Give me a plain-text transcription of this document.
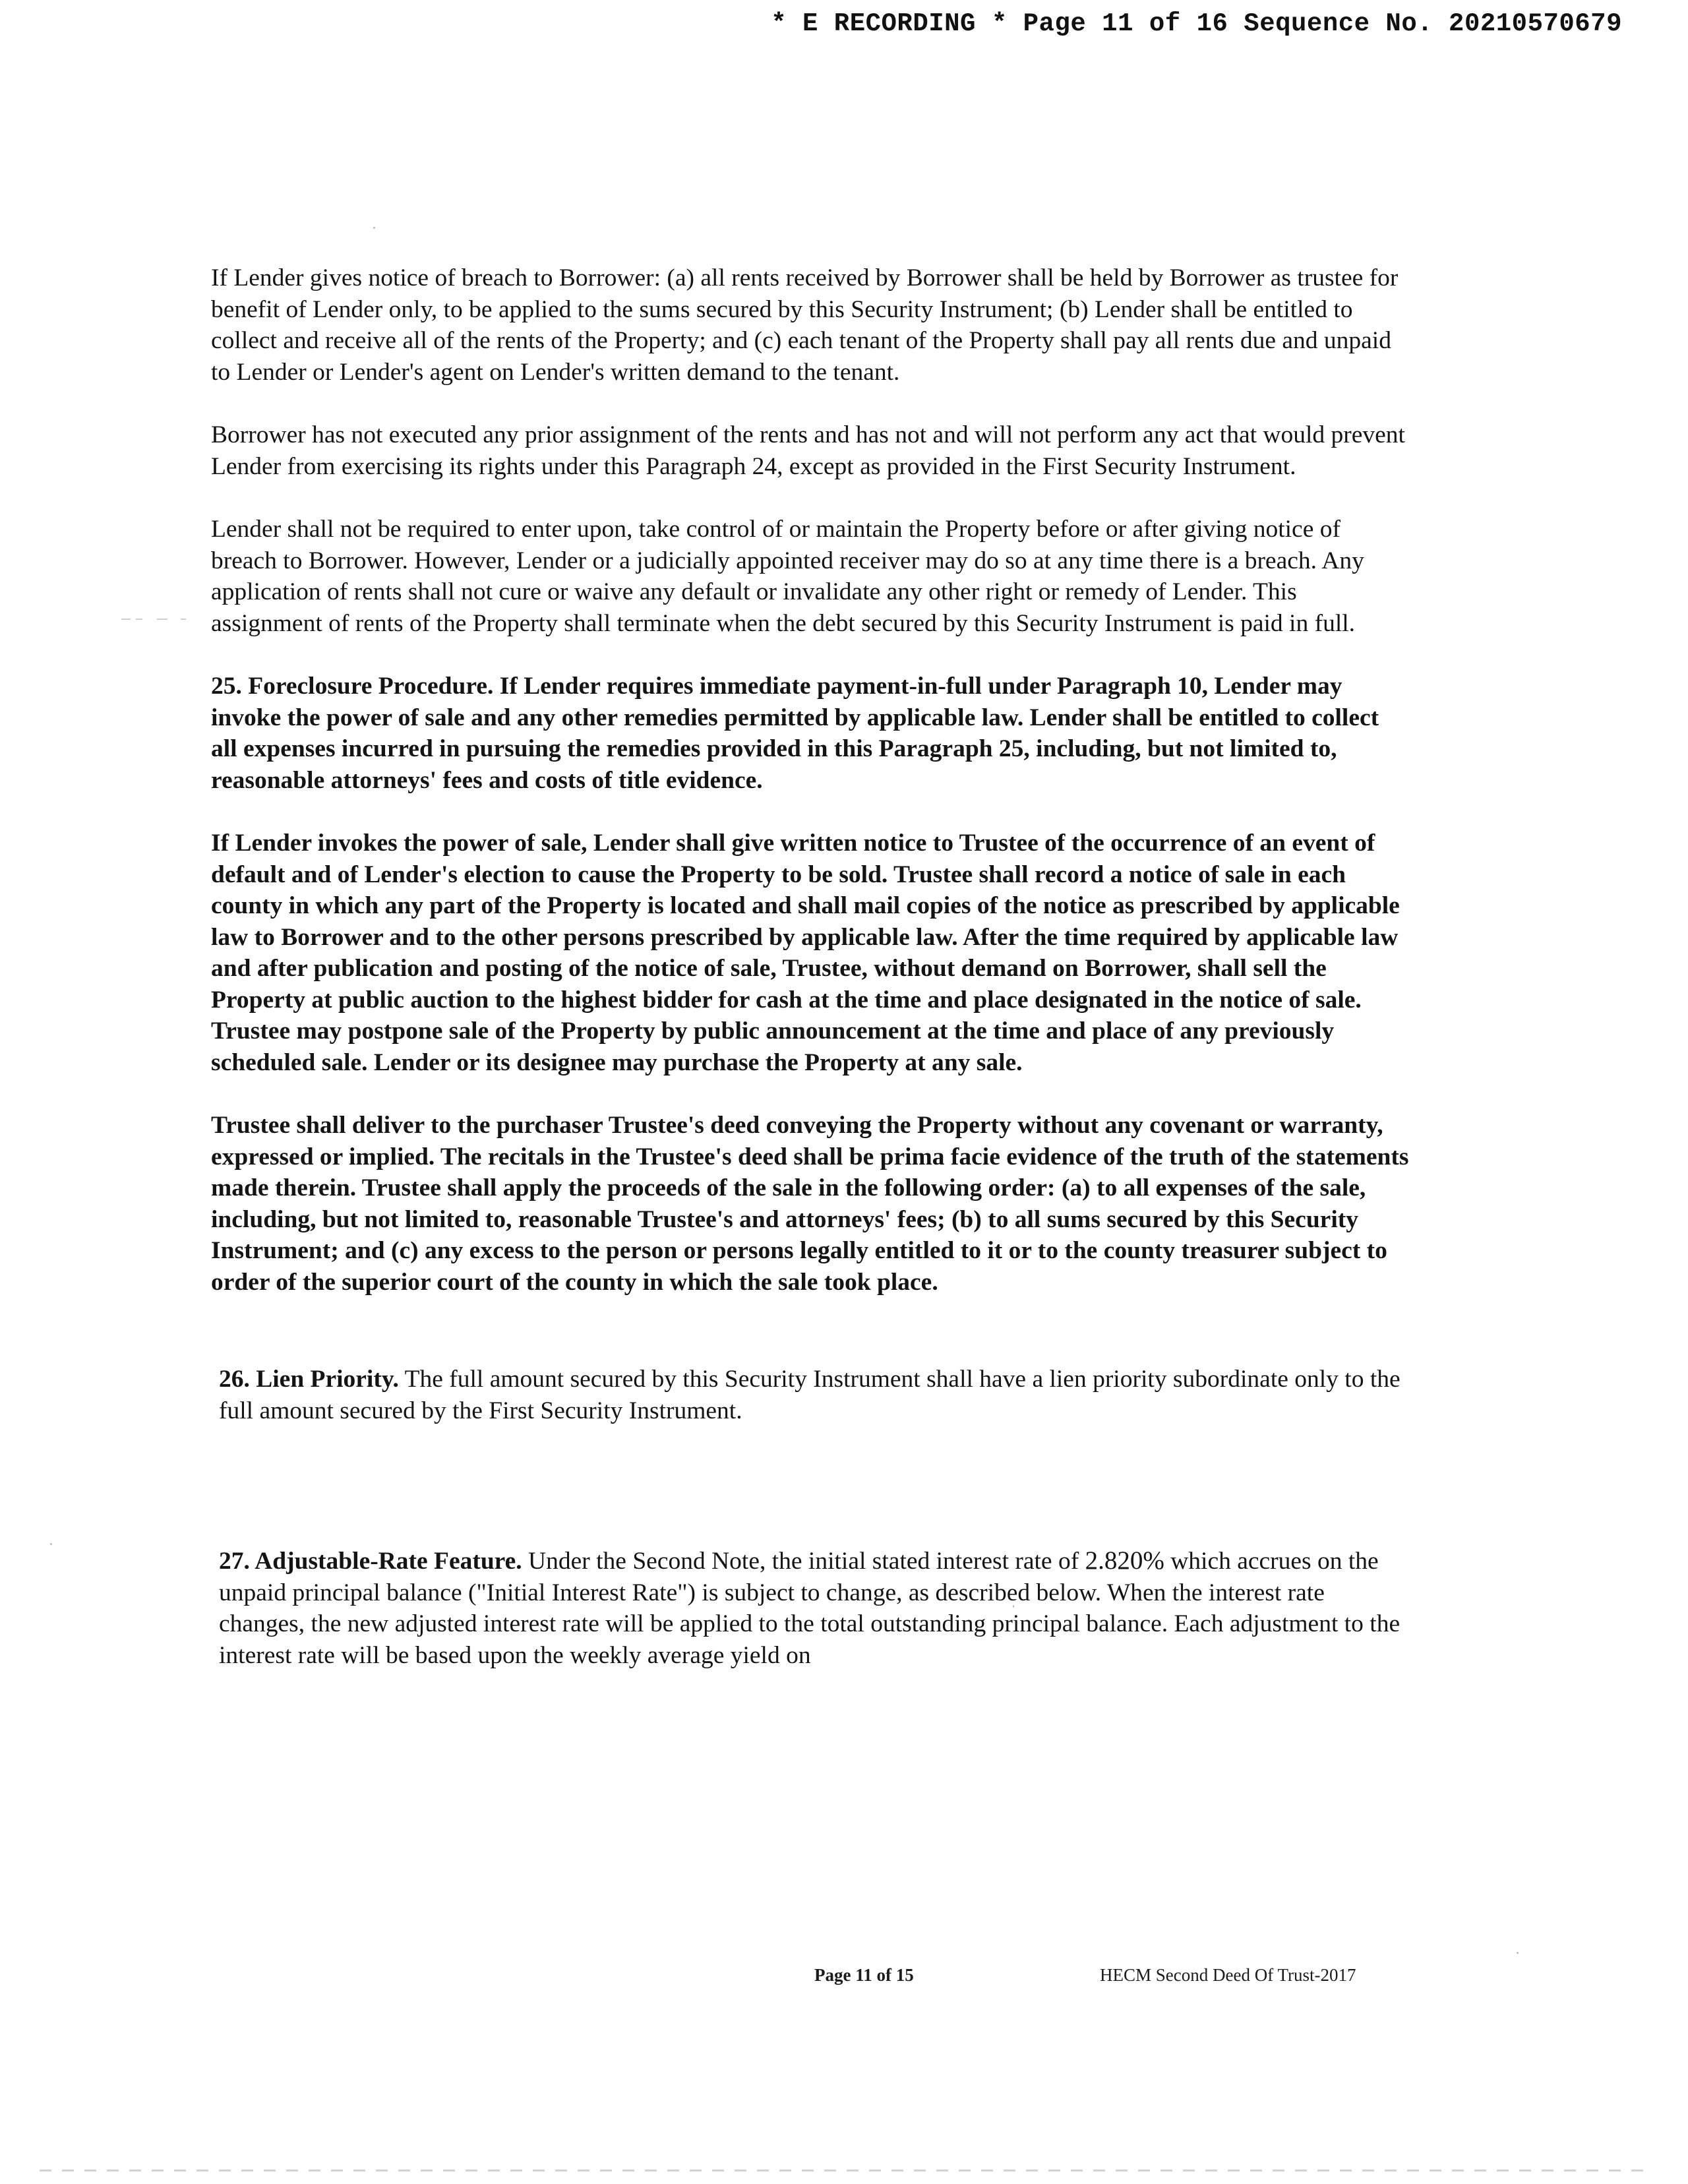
* E RECORDING * Page 11 of 16 Sequence No. 20210570679

If Lender gives notice of breach to Borrower: (a) all rents received by Borrower shall be held by Borrower as trustee for benefit of Lender only, to be applied to the sums secured by this Security Instrument; (b) Lender shall be entitled to collect and receive all of the rents of the Property; and (c) each tenant of the Property shall pay all rents due and unpaid to Lender or Lender's agent on Lender's written demand to the tenant.

Borrower has not executed any prior assignment of the rents and has not and will not perform any act that would prevent Lender from exercising its rights under this Paragraph 24, except as provided in the First Security Instrument.

Lender shall not be required to enter upon, take control of or maintain the Property before or after giving notice of breach to Borrower. However, Lender or a judicially appointed receiver may do so at any time there is a breach. Any application of rents shall not cure or waive any default or invalidate any other right or remedy of Lender. This assignment of rents of the Property shall terminate when the debt secured by this Security Instrument is paid in full.

25. Foreclosure Procedure. If Lender requires immediate payment-in-full under Paragraph 10, Lender may invoke the power of sale and any other remedies permitted by applicable law. Lender shall be entitled to collect all expenses incurred in pursuing the remedies provided in this Paragraph 25, including, but not limited to, reasonable attorneys' fees and costs of title evidence.

If Lender invokes the power of sale, Lender shall give written notice to Trustee of the occurrence of an event of default and of Lender's election to cause the Property to be sold. Trustee shall record a notice of sale in each county in which any part of the Property is located and shall mail copies of the notice as prescribed by applicable law to Borrower and to the other persons prescribed by applicable law. After the time required by applicable law and after publication and posting of the notice of sale, Trustee, without demand on Borrower, shall sell the Property at public auction to the highest bidder for cash at the time and place designated in the notice of sale. Trustee may postpone sale of the Property by public announcement at the time and place of any previously scheduled sale. Lender or its designee may purchase the Property at any sale.

Trustee shall deliver to the purchaser Trustee's deed conveying the Property without any covenant or warranty, expressed or implied. The recitals in the Trustee's deed shall be prima facie evidence of the truth of the statements made therein. Trustee shall apply the proceeds of the sale in the following order: (a) to all expenses of the sale, including, but not limited to, reasonable Trustee's and attorneys' fees; (b) to all sums secured by this Security Instrument; and (c) any excess to the person or persons legally entitled to it or to the county treasurer subject to order of the superior court of the county in which the sale took place.

26. Lien Priority. The full amount secured by this Security Instrument shall have a lien priority subordinate only to the full amount secured by the First Security Instrument.

27. Adjustable-Rate Feature. Under the Second Note, the initial stated interest rate of 2.820% which accrues on the unpaid principal balance ("Initial Interest Rate") is subject to change, as described below. When the interest rate changes, the new adjusted interest rate will be applied to the total outstanding principal balance. Each adjustment to the interest rate will be based upon the weekly average yield on

Page 11 of 15	HECM Second Deed Of Trust-2017
